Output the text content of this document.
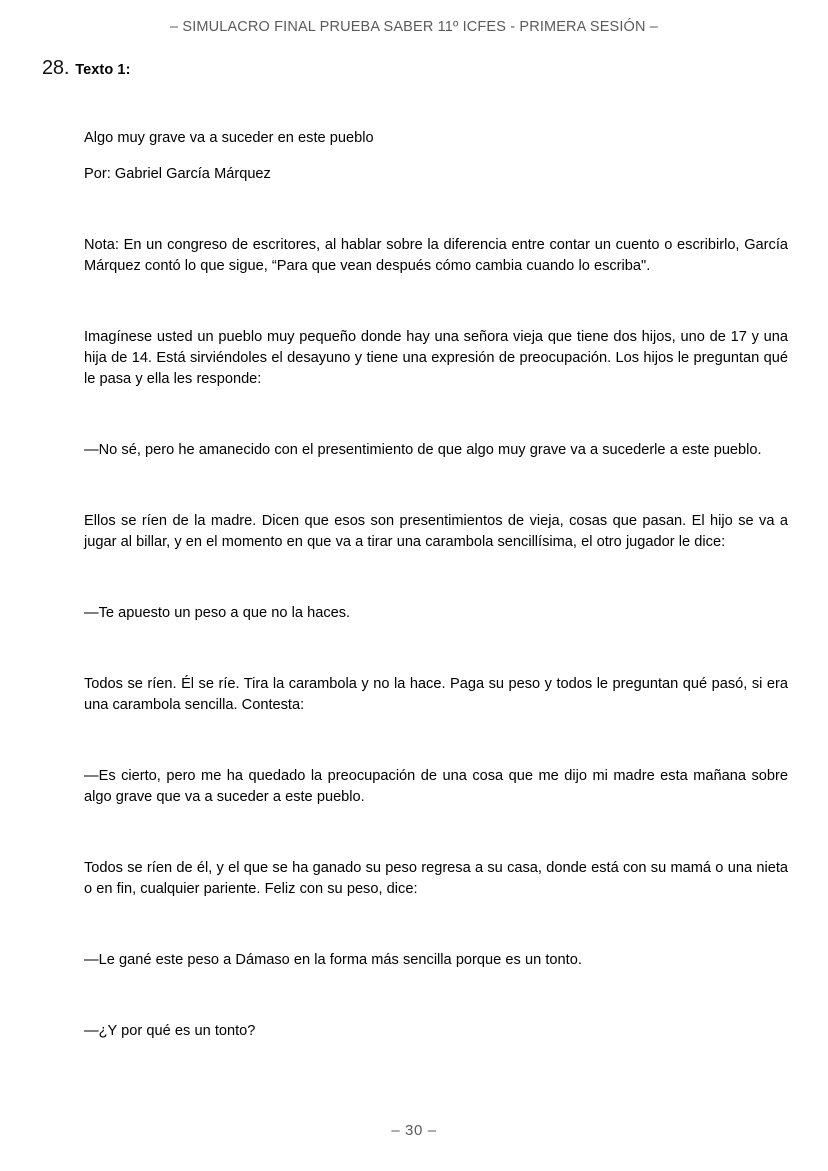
– SIMULACRO FINAL PRUEBA SABER 11º ICFES - PRIMERA SESIÓN –
28. Texto 1:

Algo muy grave va a suceder en este pueblo

Por: Gabriel García Márquez

Nota: En un congreso de escritores, al hablar sobre la diferencia entre contar un cuento o escribirlo, García Márquez contó lo que sigue, “Para que vean después cómo cambia cuando lo escriba".

Imagínese usted un pueblo muy pequeño donde hay una señora vieja que tiene dos hijos, uno de 17 y una hija de 14. Está sirviéndoles el desayuno y tiene una expresión de preocupación. Los hijos le preguntan qué le pasa y ella les responde:

—No sé, pero he amanecido con el presentimiento de que algo muy grave va a sucederle a este pueblo.

Ellos se ríen de la madre. Dicen que esos son presentimientos de vieja, cosas que pasan. El hijo se va a jugar al billar, y en el momento en que va a tirar una carambola sencillísima, el otro jugador le dice:

—Te apuesto un peso a que no la haces.

Todos se ríen. Él se ríe. Tira la carambola y no la hace. Paga su peso y todos le preguntan qué pasó, si era una carambola sencilla. Contesta:

—Es cierto, pero me ha quedado la preocupación de una cosa que me dijo mi madre esta mañana sobre algo grave que va a suceder a este pueblo.

Todos se ríen de él, y el que se ha ganado su peso regresa a su casa, donde está con su mamá o una nieta o en fin, cualquier pariente. Feliz con su peso, dice:

—Le gané este peso a Dámaso en la forma más sencilla porque es un tonto.

—¿Y por qué es un tonto?

– 30 –
